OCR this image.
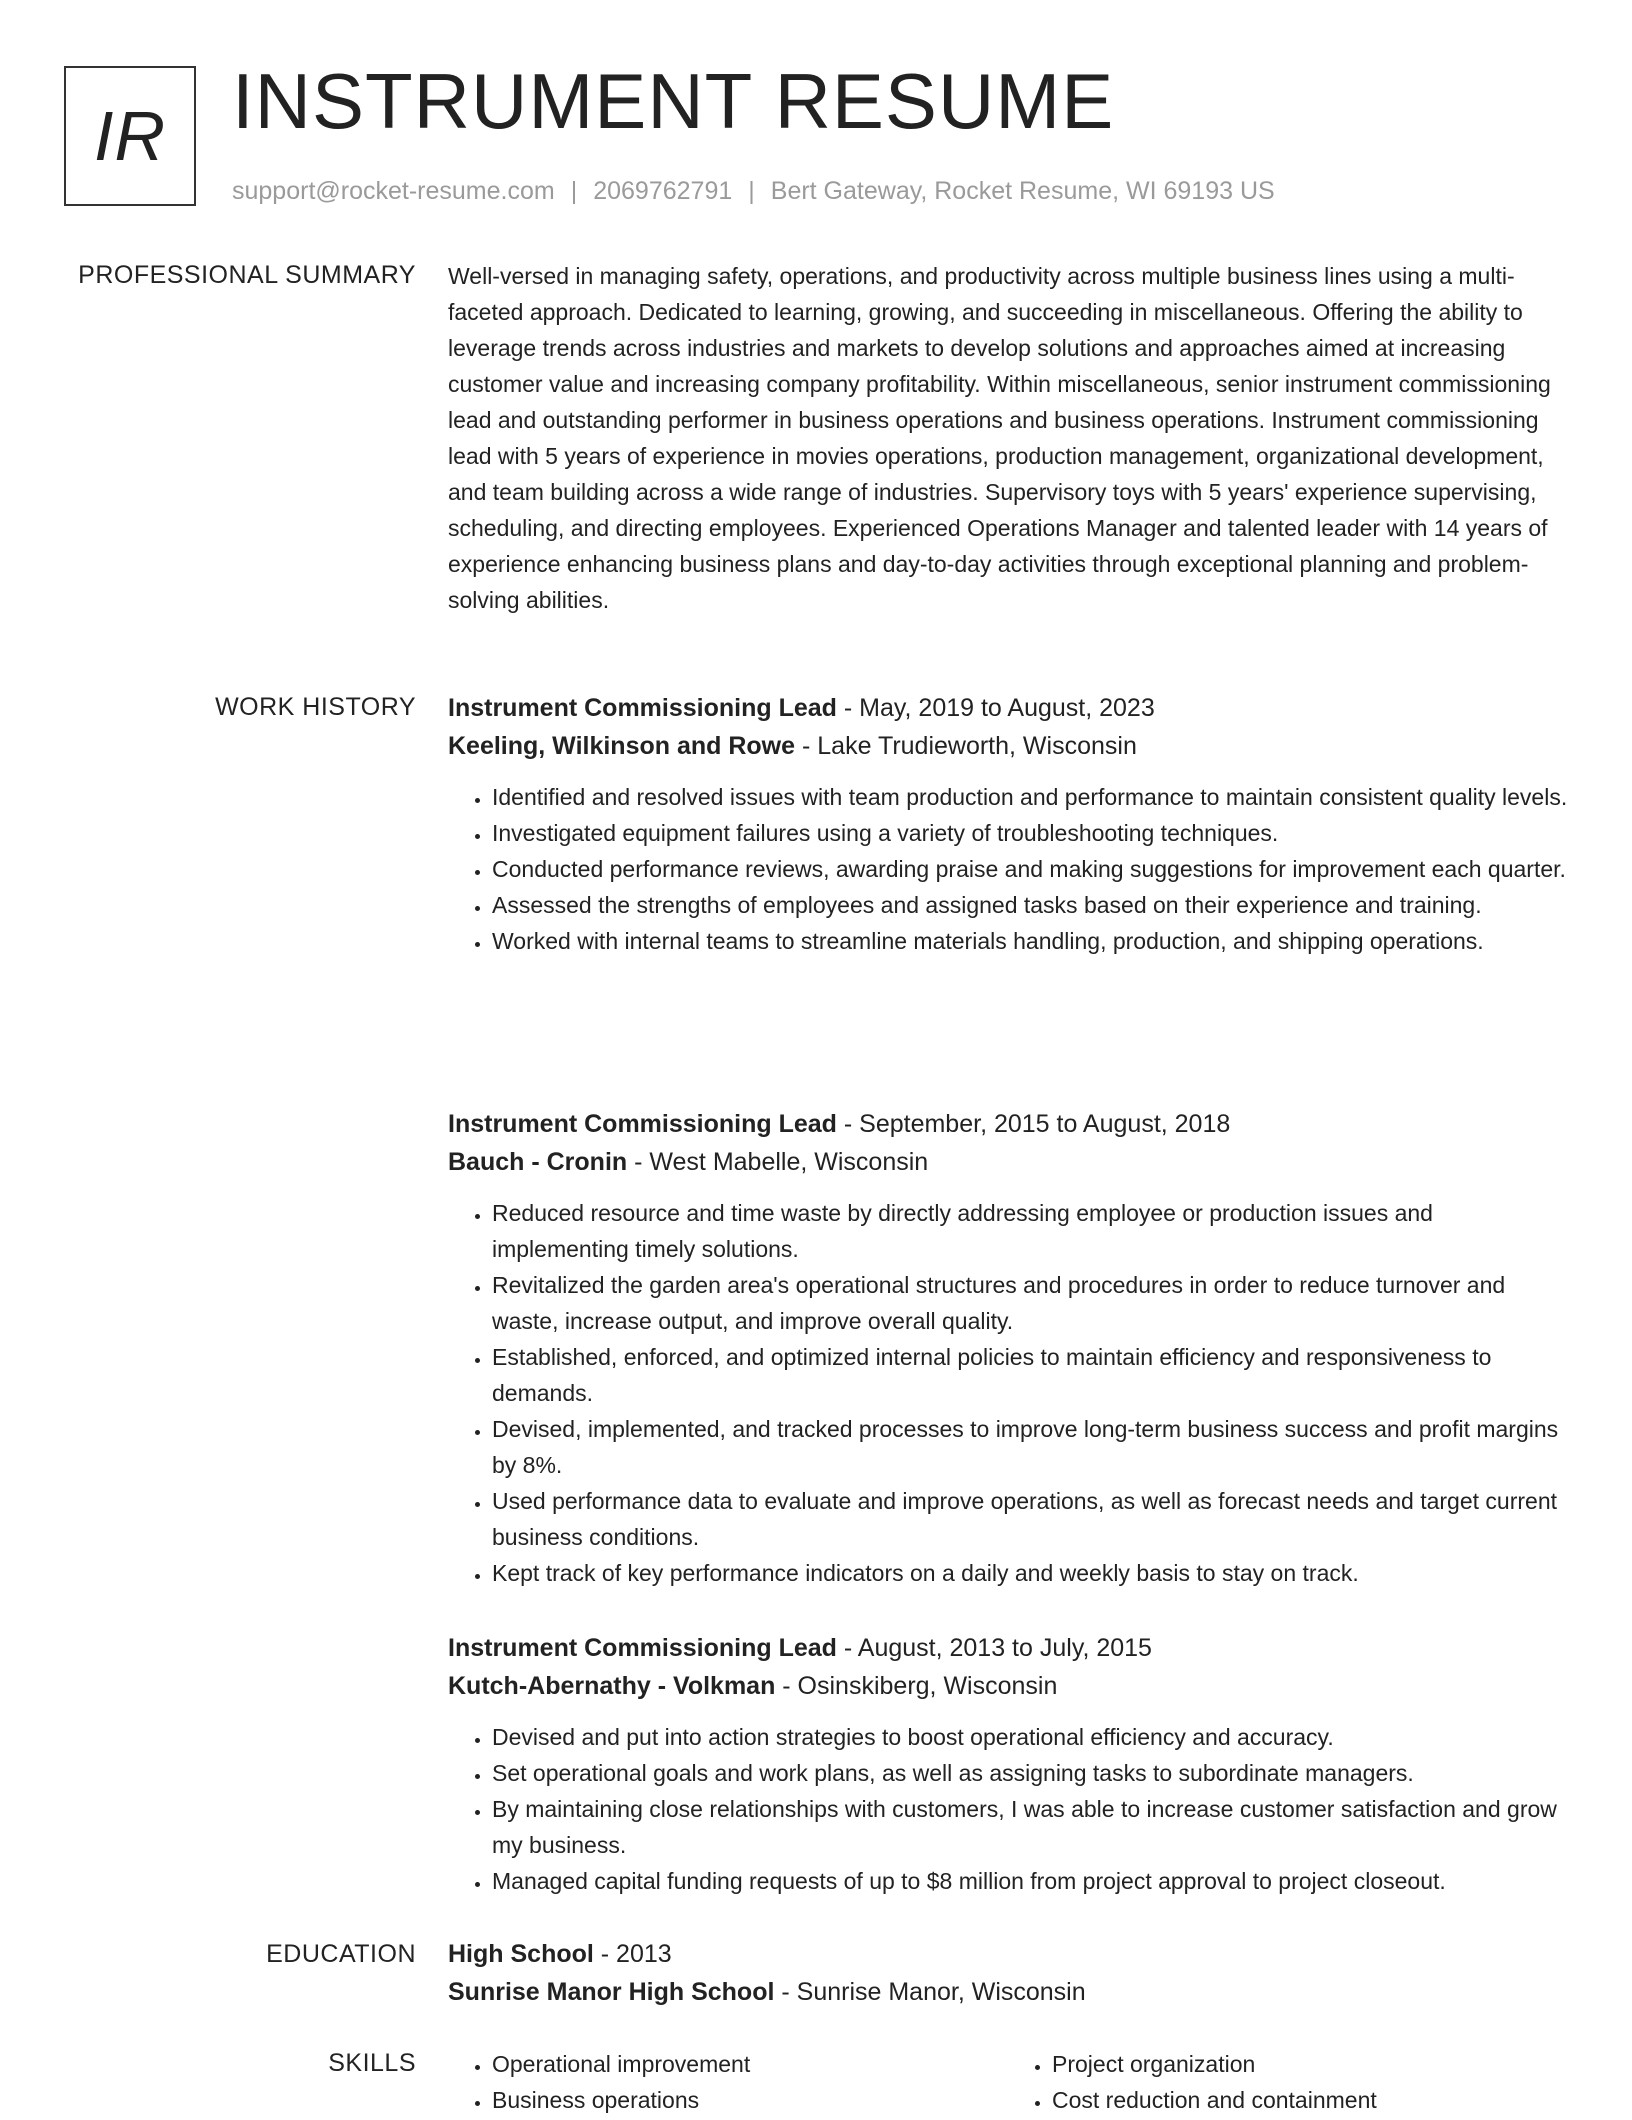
IR INSTRUMENT RESUME
support@rocket-resume.com | 2069762791 | Bert Gateway, Rocket Resume, WI 69193 US
PROFESSIONAL SUMMARY Well-versed in managing safety, operations, and productivity across multiple business lines using a multi-faceted approach. Dedicated to learning, growing, and succeeding in miscellaneous. Offering the ability to leverage trends across industries and markets to develop solutions and approaches aimed at increasing customer value and increasing company profitability. Within miscellaneous, senior instrument commissioning lead and outstanding performer in business operations and business operations. Instrument commissioning lead with 5 years of experience in movies operations, production management, organizational development, and team building across a wide range of industries. Supervisory toys with 5 years' experience supervising, scheduling, and directing employees. Experienced Operations Manager and talented leader with 14 years of experience enhancing business plans and day-to-day activities through exceptional planning and problem-solving abilities.

WORK HISTORY Instrument Commissioning Lead - May, 2019 to August, 2023

Keeling, Wilkinson and Rowe - Lake Trudieworth, Wisconsin

• Identified and resolved issues with team production and performance to maintain consistent quality levels.
• Investigated equipment failures using a variety of troubleshooting techniques.
• Conducted performance reviews, awarding praise and making suggestions for improvement each quarter.
• Assessed the strengths of employees and assigned tasks based on their experience and training.
• Worked with internal teams to streamline materials handling, production, and shipping operations.

Instrument Commissioning Lead - September, 2015 to August, 2018

Bauch - Cronin - West Mabelle, Wisconsin

• Reduced resource and time waste by directly addressing employee or production issues and implementing timely solutions.
• Revitalized the garden area's operational structures and procedures in order to reduce turnover and waste, increase output, and improve overall quality.
• Established, enforced, and optimized internal policies to maintain efficiency and responsiveness to demands.
• Devised, implemented, and tracked processes to improve long-term business success and profit margins by 8%.
• Used performance data to evaluate and improve operations, as well as forecast needs and target current business conditions.
• Kept track of key performance indicators on a daily and weekly basis to stay on track.

Instrument Commissioning Lead - August, 2013 to July, 2015

Kutch-Abernathy - Volkman - Osinskiberg, Wisconsin

• Devised and put into action strategies to boost operational efficiency and accuracy.
• Set operational goals and work plans, as well as assigning tasks to subordinate managers.
• By maintaining close relationships with customers, I was able to increase customer satisfaction and grow my business.
• Managed capital funding requests of up to $8 million from project approval to project closeout.
EDUCATION High School - 2013

Sunrise Manor High School - Sunrise Manor, Wisconsin

SKILLS
•	Operational improvement
• Business operations
• Project organization
• Cost reduction and containment
